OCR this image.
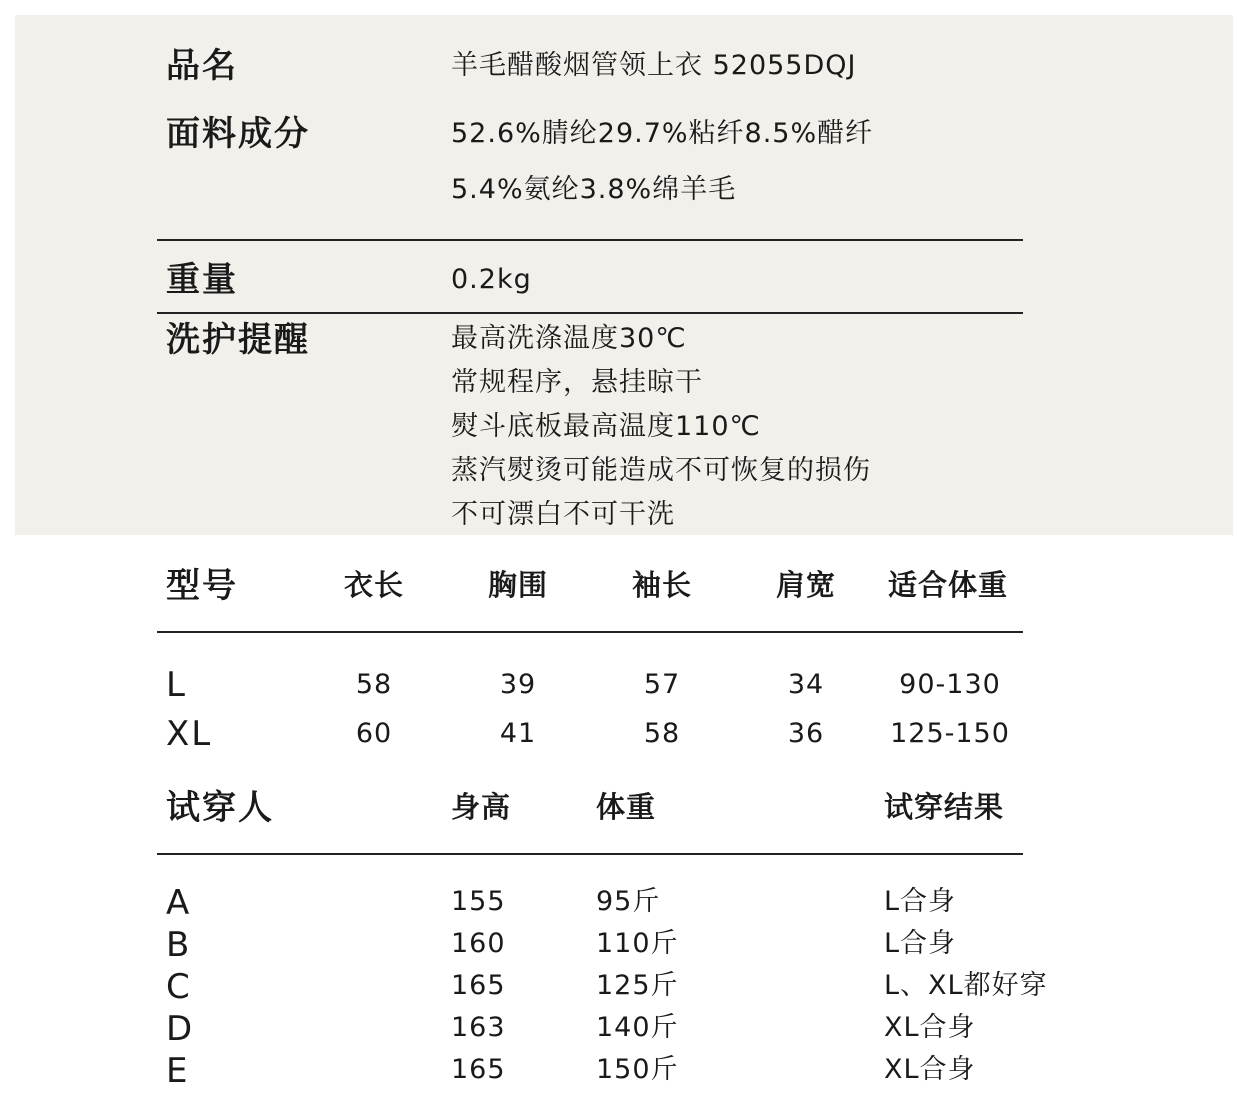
品名	羊毛醋酸烟管领上衣 52055DQJ
面料成分	52.6%腈纶29.7%粘纤8.5%醋纤
5.4%氨纶3.8%绵羊毛
重量	0.2kg
洗护提醒	最高洗涤温度30℃
常规程序，悬挂晾干
熨斗底板最高温度110℃
蒸汽熨烫可能造成不可恢复的损伤
不可漂白不可干洗
型号	衣长	胸围	袖长	肩宽	适合体重
L	58	39	57	34	90-130
XL	60	41	58	36	125-150
试穿人	身高	体重	试穿结果
A	155	95斤	L合身
B	160	110斤	L合身
C	165	125斤	L、XL都好穿
D	163	140斤	XL合身
E	165	150斤	XL合身
